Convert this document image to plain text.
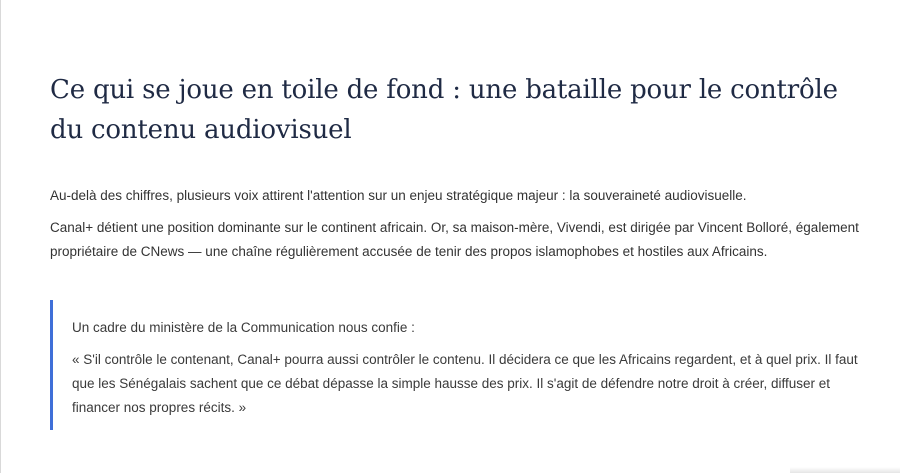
Ce qui se joue en toile de fond : une bataille pour le contrôle du contenu audiovisuel

Au-delà des chiffres, plusieurs voix attirent l'attention sur un enjeu stratégique majeur : la souveraineté audiovisuelle.

Canal+ détient une position dominante sur le continent africain. Or, sa maison-mère, Vivendi, est dirigée par Vincent Bolloré, également propriétaire de CNews — une chaîne régulièrement accusée de tenir des propos islamophobes et hostiles aux Africains.

Un cadre du ministère de la Communication nous confie :

« S'il contrôle le contenant, Canal+ pourra aussi contrôler le contenu. Il décidera ce que les Africains regardent, et à quel prix. Il faut que les Sénégalais sachent que ce débat dépasse la simple hausse des prix. Il s'agit de défendre notre droit à créer, diffuser et financer nos propres récits. »
